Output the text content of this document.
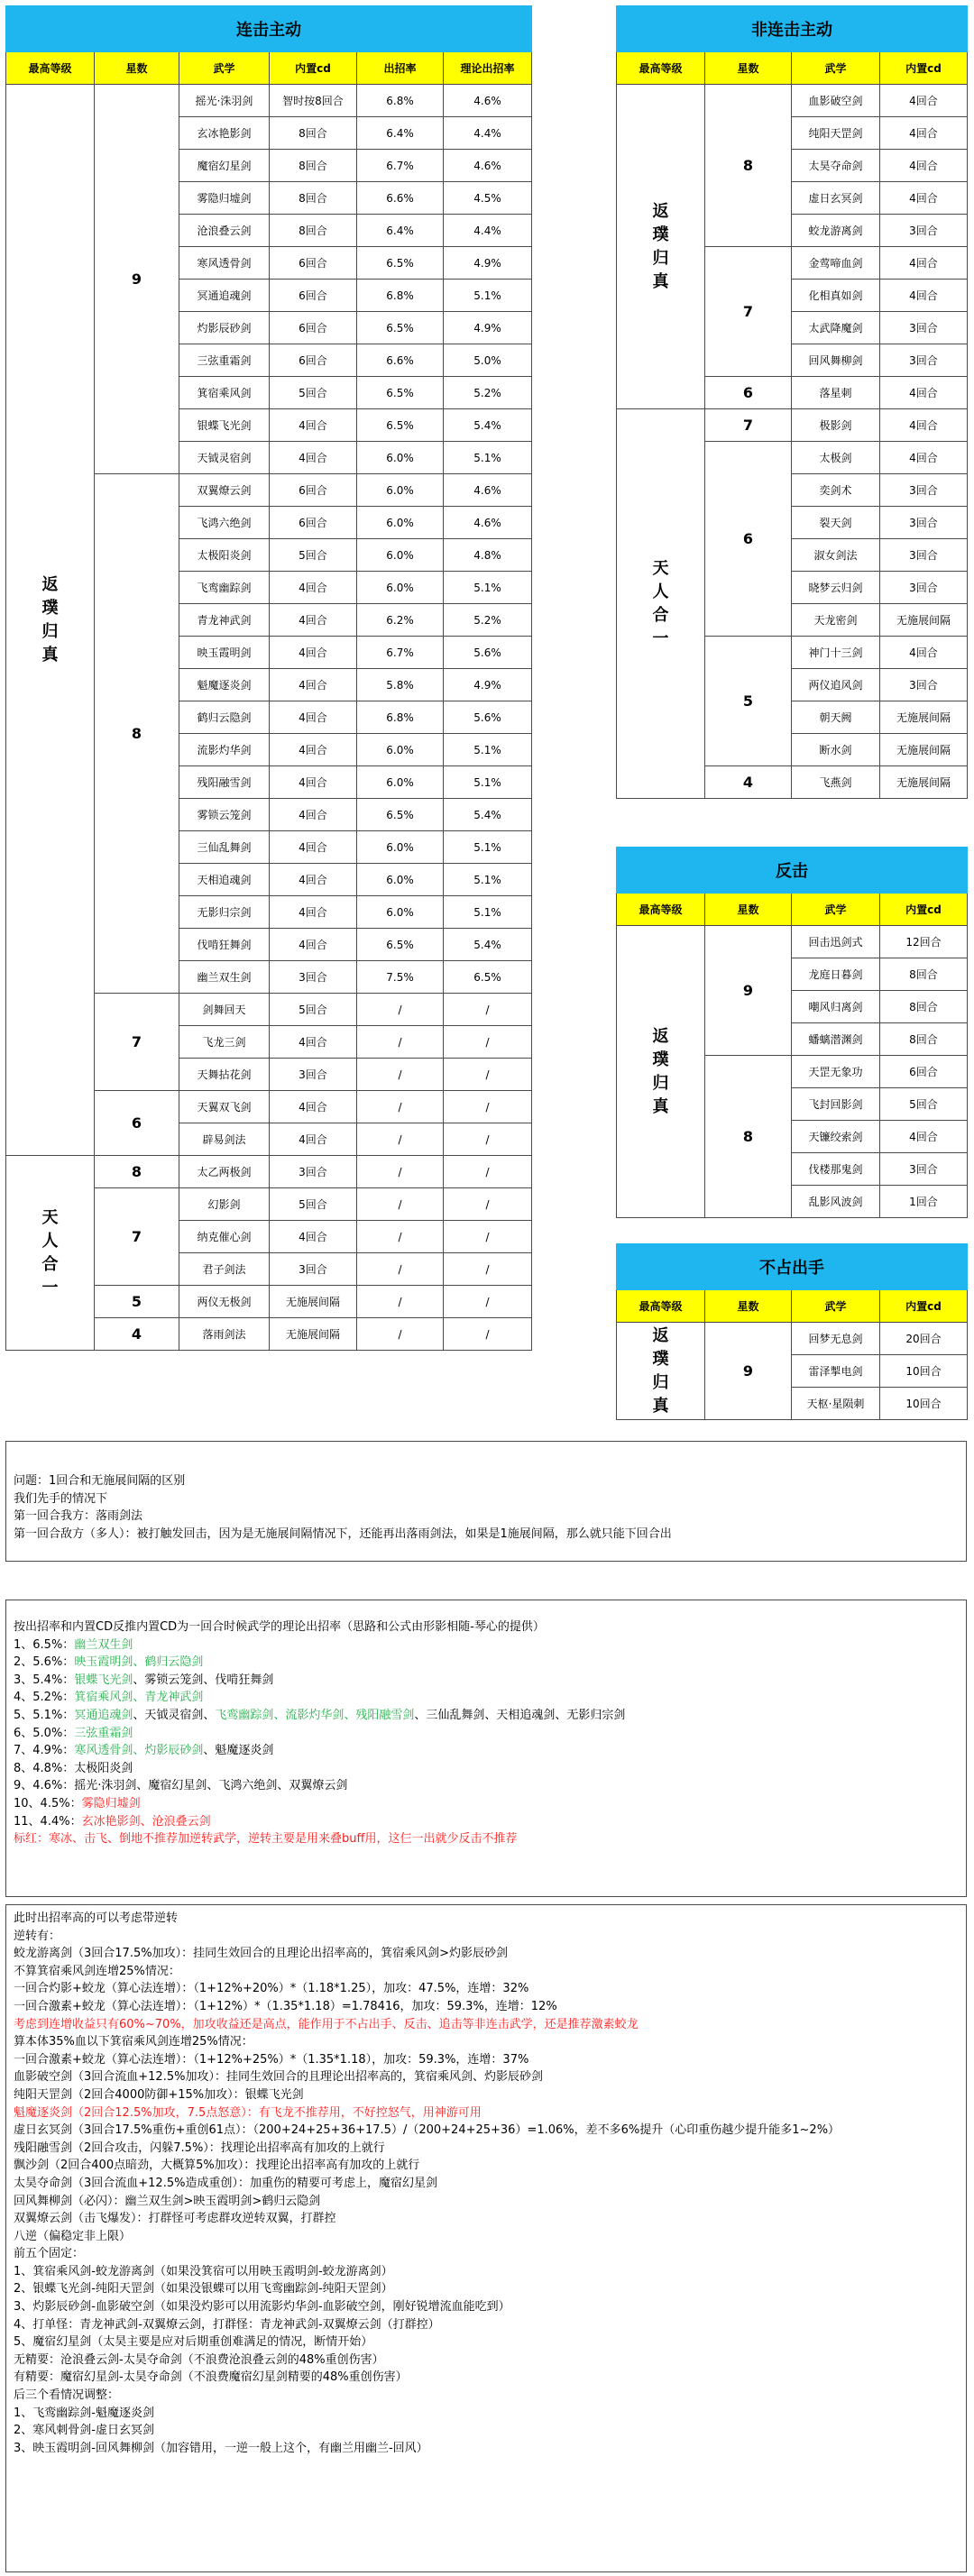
连击主动					
最高等级	星数	武学	内置cd	出招率	理论出招率
返
璞
归
真	9	摇光·洙羽剑	智时按8回合	6.8%	4.6%
		玄冰艳影剑	8回合	6.4%	4.4%
		魔宿幻星剑	8回合	6.7%	4.6%
		雾隐归墟剑	8回合	6.6%	4.5%
		沧浪叠云剑	8回合	6.4%	4.4%
		寒风透骨剑	6回合	6.5%	4.9%
		冥通追魂剑	6回合	6.8%	5.1%
		灼影辰砂剑	6回合	6.5%	4.9%
		三弦重霜剑	6回合	6.6%	5.0%
		箕宿乘风剑	5回合	6.5%	5.2%
		银蝶飞光剑	4回合	6.5%	5.4%
		天钺灵宿剑	4回合	6.0%	5.1%
	8	双翼燎云剑	6回合	6.0%	4.6%
		飞鸿六绝剑	6回合	6.0%	4.6%
		太极阳炎剑	5回合	6.0%	4.8%
		飞鸾幽踪剑	4回合	6.0%	5.1%
		青龙神武剑	4回合	6.2%	5.2%
		映玉霞明剑	4回合	6.7%	5.6%
		魁魔逐炎剑	4回合	5.8%	4.9%
		鹤归云隐剑	4回合	6.8%	5.6%
		流影灼华剑	4回合	6.0%	5.1%
		残阳融雪剑	4回合	6.0%	5.1%
		雾锁云笼剑	4回合	6.5%	5.4%
		三仙乱舞剑	4回合	6.0%	5.1%
		天相追魂剑	4回合	6.0%	5.1%
		无影归宗剑	4回合	6.0%	5.1%
		伐啃狂舞剑	4回合	6.5%	5.4%
		幽兰双生剑	3回合	7.5%	6.5%
	7	剑舞回天	5回合	/	/
		飞龙三剑	4回合	/	/
		天舞拈花剑	3回合	/	/
	6	天翼双飞剑	4回合	/	/
		辟易剑法	4回合	/	/
天
人
合
一	8	太乙两极剑	3回合	/	/
	7	幻影剑	5回合	/	/
		纳克催心剑	4回合	/	/
		君子剑法	3回合	/	/
	5	两仪无极剑	无施展间隔	/	/
	4	落雨剑法	无施展间隔	/	/
非连击主动			
最高等级	星数	武学	内置cd
返
璞
归
真	8	血影破空剑	4回合
		纯阳天罡剑	4回合
		太昊夺命剑	4回合
		虚日玄冥剑	4回合
		蛟龙游离剑	3回合
	7	金莺啼血剑	4回合
		化相真如剑	4回合
		太武降魔剑	3回合
		回风舞柳剑	3回合
	6	落星刺	4回合
天
人
合
一	7	极影剑	4回合
	6	太极剑	4回合
		奕剑术	3回合
		裂天剑	3回合
		淑女剑法	3回合
		晓梦云归剑	3回合
		天龙密剑	无施展间隔
	5	神门十三剑	4回合
		两仪追风剑	3回合
		朝天阙	无施展间隔
		断水剑	无施展间隔
	4	飞燕剑	无施展间隔
反击			
最高等级	星数	武学	内置cd
返
璞
归
真	9	回击迅剑式	12回合
		龙庭日暮剑	8回合
		嘲风归离剑	8回合
		蟠螭潜渊剑	8回合
	8	天罡无象功	6回合
		飞封回影剑	5回合
		天镰绞索剑	4回合
		伐楼那鬼剑	3回合
		乱影风波剑	1回合
不占出手			
最高等级	星数	武学	内置cd
返
璞
归
真	9	回梦无息剑	20回合
		雷泽掣电剑	10回合
		天枢·星陨刺	10回合
问题：1回合和无施展间隔的区别
我们先手的情况下
第一回合我方：落雨剑法
第一回合敌方（多人）：被打触发回击，因为是无施展间隔情况下，还能再出落雨剑法，如果是1施展间隔，那么就只能下回合出
按出招率和内置CD反推内置CD为一回合时候武学的理论出招率（思路和公式由形影相随-琴心的提供）
1、6.5%：幽兰双生剑
2、5.6%：映玉霞明剑、鹤归云隐剑
3、5.4%：银蝶飞光剑、雾锁云笼剑、伐啃狂舞剑
4、5.2%：箕宿乘风剑、青龙神武剑
5、5.1%：冥通追魂剑、天钺灵宿剑、飞鸾幽踪剑、流影灼华剑、残阳融雪剑、三仙乱舞剑、天相追魂剑、无影归宗剑
6、5.0%：三弦重霜剑
7、4.9%：寒风透骨剑、灼影辰砂剑、魁魔逐炎剑
8、4.8%：太极阳炎剑
9、4.6%：摇光·洙羽剑、魔宿幻星剑、飞鸿六绝剑、双翼燎云剑
10、4.5%：雾隐归墟剑
11、4.4%：玄冰艳影剑、沧浪叠云剑
标红：寒冰、击飞、倒地不推荐加逆转武学，逆转主要是用来叠buff用，这仨一出就少反击不推荐
此时出招率高的可以考虑带逆转
逆转有：
蛟龙游离剑（3回合17.5%加攻）：挂同生效回合的且理论出招率高的，箕宿乘风剑>灼影辰砂剑
不算箕宿乘风剑连增25%情况：
一回合灼影+蛟龙（算心法连增）：（1+12%+20%）*（1.18*1.25），加攻：47.5%，连增：32%
一回合激素+蛟龙（算心法连增）：（1+12%）*（1.35*1.18）=1.78416，加攻：59.3%，连增：12%
考虑到连增收益只有60%~70%，加攻收益还是高点，能作用于不占出手、反击、追击等非连击武学，还是推荐激素蛟龙
算本体35%血以下箕宿乘风剑连增25%情况：
一回合激素+蛟龙（算心法连增）：（1+12%+25%）*（1.35*1.18），加攻：59.3%，连增：37%
血影破空剑（3回合流血+12.5%加攻）：挂同生效回合的且理论出招率高的，箕宿乘风剑、灼影辰砂剑
纯阳天罡剑（2回合4000防御+15%加攻）：银蝶飞光剑
魁魔逐炎剑（2回合12.5%加攻，7.5点怒意）：有飞龙不推荐用，不好控怒气，用神游可用
虚日玄冥剑（3回合17.5%重伤+重创61点）：（200+24+25+36+17.5）/（200+24+25+36）=1.06%，差不多6%提升（心印重伤越少提升能多1~2%）
残阳融雪剑（2回合攻击，闪躲7.5%）：找理论出招率高有加攻的上就行
飘沙剑（2回合400点暗劲，大概算5%加攻）：找理论出招率高有加攻的上就行
太昊夺命剑（3回合流血+12.5%造成重创）：加重伤的精要可考虑上，魔宿幻星剑
回风舞柳剑（必闪）：幽兰双生剑>映玉霞明剑>鹤归云隐剑
双翼燎云剑（击飞爆发）：打群怪可考虑群攻逆转双翼，打群控
八逆（偏稳定非上限）
前五个固定：
1、箕宿乘风剑-蛟龙游离剑（如果没箕宿可以用映玉霞明剑-蛟龙游离剑）
2、银蝶飞光剑-纯阳天罡剑（如果没银蝶可以用飞鸾幽踪剑-纯阳天罡剑）
3、灼影辰砂剑-血影破空剑（如果没灼影可以用流影灼华剑-血影破空剑，刚好锐增流血能吃到）
4、打单怪：青龙神武剑-双翼燎云剑，打群怪：青龙神武剑-双翼燎云剑（打群控）
5、魔宿幻星剑（太昊主要是应对后期重创难满足的情况，断情开始）
无精要：沧浪叠云剑-太昊夺命剑（不浪费沧浪叠云剑的48%重创伤害）
有精要：魔宿幻星剑-太昊夺命剑（不浪费魔宿幻星剑精要的48%重创伤害）
后三个看情况调整：
1、飞鸾幽踪剑-魁魔逐炎剑
2、寒风刺骨剑-虚日玄冥剑
3、映玉霞明剑-回风舞柳剑（加容错用，一逆一般上这个，有幽兰用幽兰-回风）
